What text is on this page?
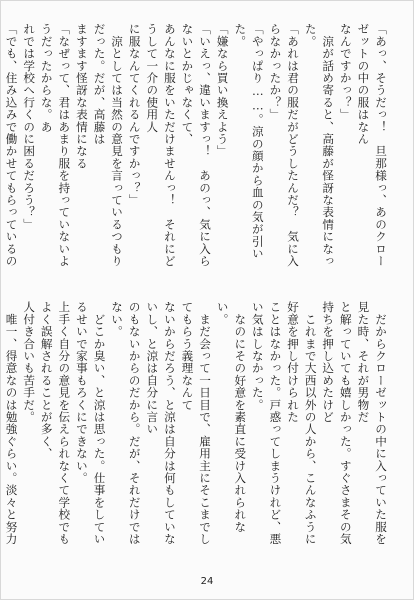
「あっ、そうだっ！　旦那様っ、あのクローゼットの中の服はなん

なんですかっ？」

　涼が話め寄ると、高藤が怪訝な表情になった。

「あれは君の服だがどうしたんだ？　気に入らなかったか？」

「やっぱり……。涼の顔から血の気が引いた。

「嫌なら買い換えよう」

「いえっ、違いますっ！　あのっ、気に入らないとかじゃなくて、

あんなに服をいただけませんっ！　それにどうして一介の使用人

に服なんてくれるんですかっ？」

　涼としては当然の意見を言っているつもりだった。だが、高藤は

ますます怪訝な表情になる

「なぜって、君はあまり服を持っていないようだったからな。あ

れでは学校へ行くのに困るだろう？」

「でも、住み込みで働かせてもらっているの

　だからクローゼットの中に入っていた服を見た時、それが男物だ

と解っていても嬉しかった。すぐさまその気持ちを押し込めたけど

　これまで大西以外の人から、こんなふうに好意を押し付けられた

ことはなかった。戸惑ってしまうけれど、悪い気はしなかった。

　なのにその好意を素直に受け入れられない。

　まだ会って一日目で、雇用主にそこまでしてもらう義理なんて

ないからだろう、と涼は自分は何もしていないし、と涼は自分に言い

のもないからのだから。だが、それだけではない。

　どこか臭い、と涼は思った。仕事をしているせいで家事もろくにできない。

上手く自分の意見を伝えられなくて学校でもよく誤解されることが多く、

人付き合いも苦手だ。

　唯一、得意なのは勉強ぐらい。淡々と努力

24
